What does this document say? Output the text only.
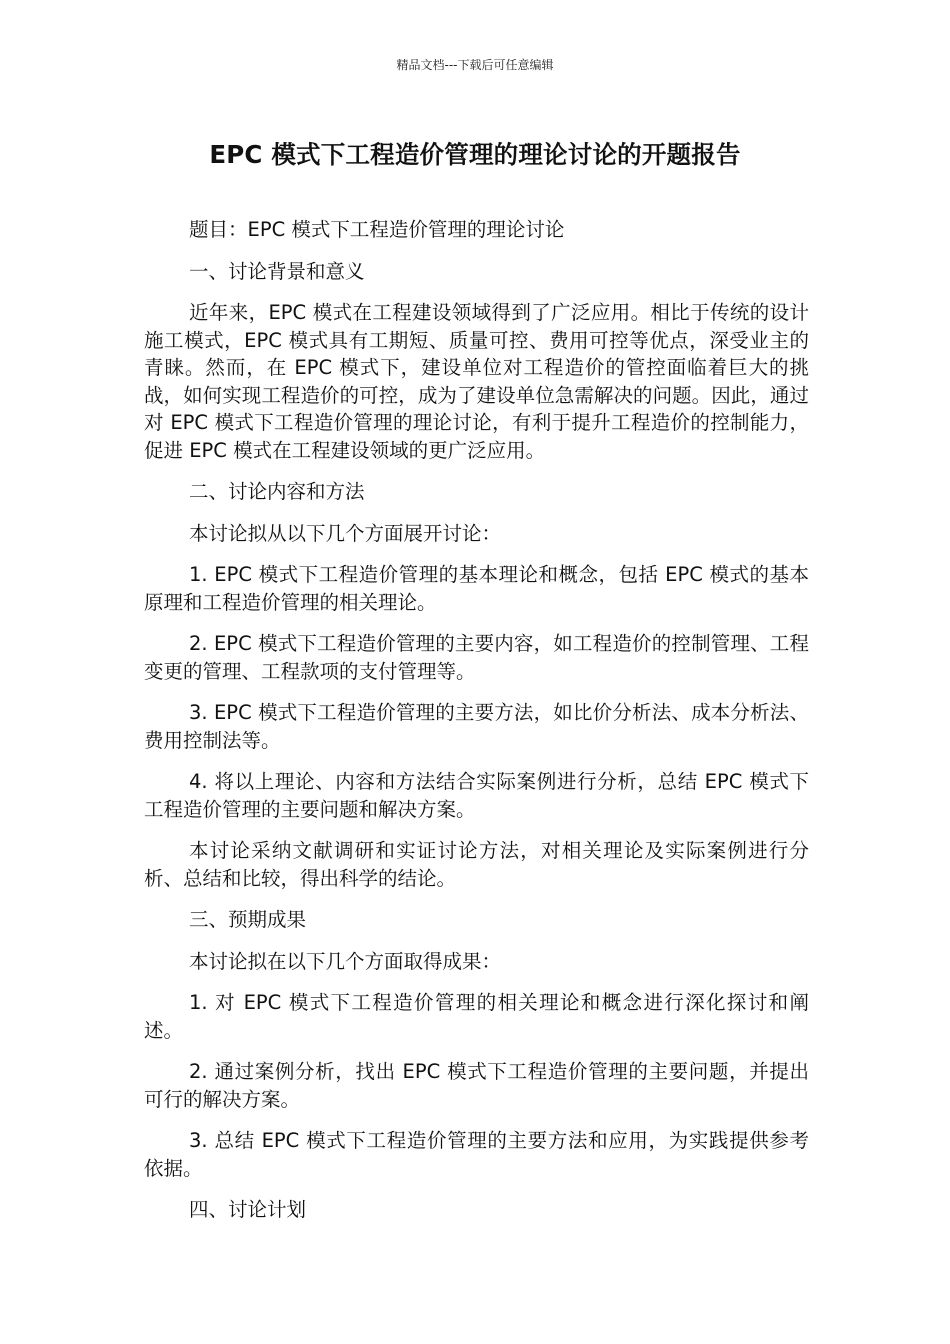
精品文档---下载后可任意编辑
EPC 模式下工程造价管理的理论讨论的开题报告

题目：EPC 模式下工程造价管理的理论讨论

一、讨论背景和意义

近年来，EPC 模式在工程建设领域得到了广泛应用。相比于传统的设计施工模式，EPC 模式具有工期短、质量可控、费用可控等优点，深受业主的青睐。然而，在 EPC 模式下，建设单位对工程造价的管控面临着巨大的挑战，如何实现工程造价的可控，成为了建设单位急需解决的问题。因此，通过对 EPC 模式下工程造价管理的理论讨论，有利于提升工程造价的控制能力，促进 EPC 模式在工程建设领域的更广泛应用。

二、讨论内容和方法

本讨论拟从以下几个方面展开讨论：

1. EPC 模式下工程造价管理的基本理论和概念，包括 EPC 模式的基本原理和工程造价管理的相关理论。

2. EPC 模式下工程造价管理的主要内容，如工程造价的控制管理、工程变更的管理、工程款项的支付管理等。

3. EPC 模式下工程造价管理的主要方法，如比价分析法、成本分析法、费用控制法等。

4. 将以上理论、内容和方法结合实际案例进行分析，总结 EPC 模式下工程造价管理的主要问题和解决方案。

本讨论采纳文献调研和实证讨论方法，对相关理论及实际案例进行分析、总结和比较，得出科学的结论。

三、预期成果

本讨论拟在以下几个方面取得成果：

1. 对 EPC 模式下工程造价管理的相关理论和概念进行深化探讨和阐述。

2. 通过案例分析，找出 EPC 模式下工程造价管理的主要问题，并提出可行的解决方案。

3. 总结 EPC 模式下工程造价管理的主要方法和应用，为实践提供参考依据。

四、讨论计划
